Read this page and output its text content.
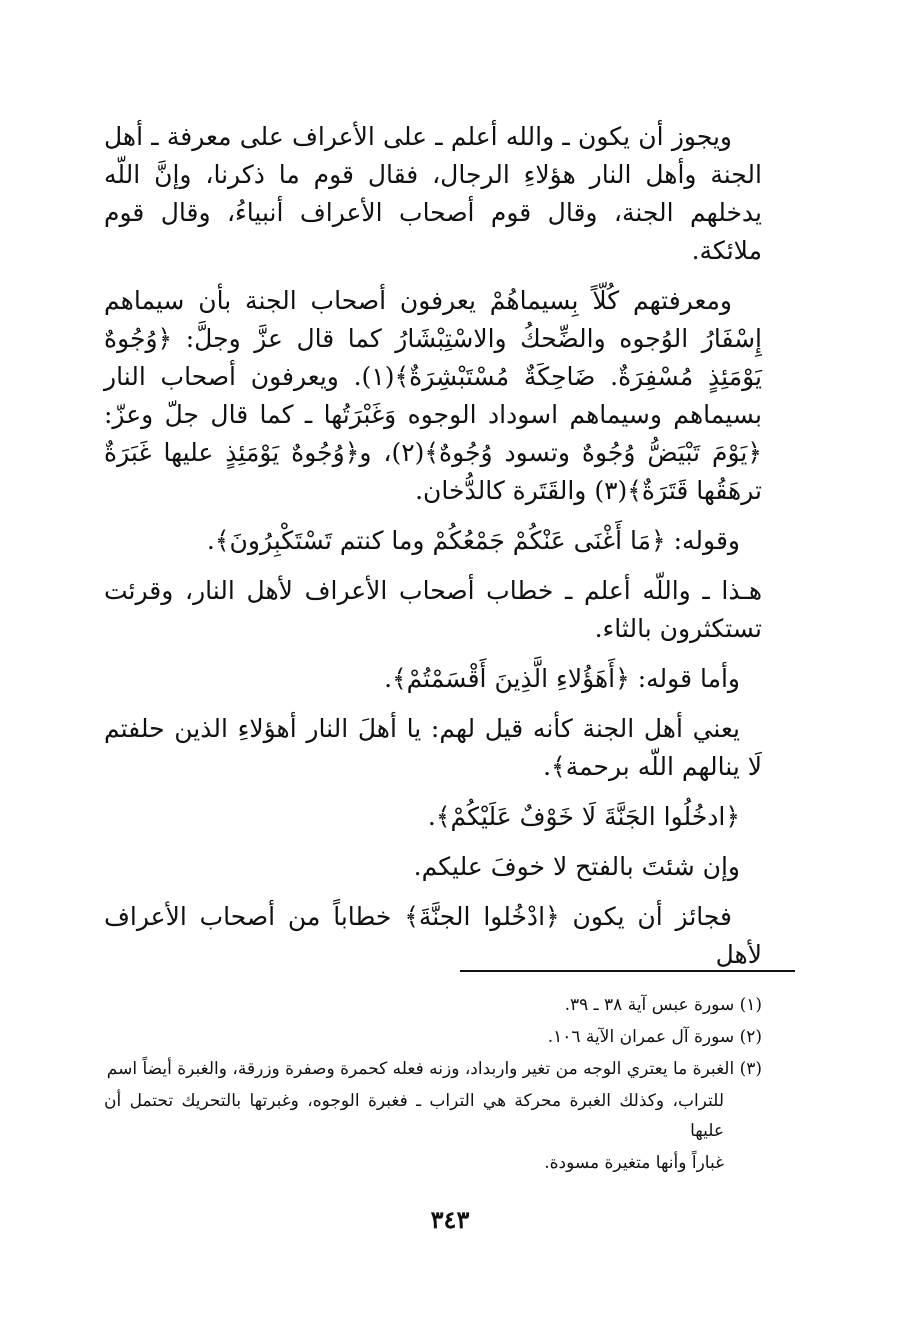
ويجوز أن يكون ـ والله أعلم ـ على الأعراف على معرفة ـ أهل الجنة وأهل النار هؤلاءِ الرجال، فقال قوم ما ذكرنا، وإنَّ اللّه يدخلهم الجنة، وقال قوم أصحاب الأعراف أنبياءُ، وقال قوم ملائكة.

ومعرفتهم كُلّاً بِسيماهُمْ يعرفون أصحاب الجنة بأن سيماهم إِسْفَارُ الوُجوه والضِّحكُ والاسْتِبْشَارُ كما قال عزَّ وجلَّ: ﴿وُجُوهٌ يَوْمَئِذٍ مُسْفِرَةٌ. ضَاحِكَةٌ مُسْتَبْشِرَةٌ﴾(١). ويعرفون أصحاب النار بسيماهم وسيماهم اسوداد الوجوه وَغَبْرَتُها ـ كما قال جلّ وعزّ: ﴿يَوْمَ تَبْيَضُّ وُجُوهٌ وتسود وُجُوهٌ﴾(٢)، و﴿وُجُوهٌ يَوْمَئِذٍ عليها غَبَرَةٌ ترهَقُها قَتَرَةٌ﴾(٣) والقَتَرة كالدُّخان.

وقوله: ﴿مَا أَغْنَى عَنْكُمْ جَمْعُكُمْ وما كنتم تَسْتَكْبِرُونَ﴾.

هـذا ـ واللّه أعلم ـ خطاب أصحاب الأعراف لأهل النار، وقرئت تستكثرون بالثاء.

وأما قوله: ﴿أَهَؤُلاءِ الَّذِينَ أَقْسَمْتُمْ﴾.

يعني أهل الجنة كأنه قيل لهم: يا أهلَ النار أهؤلاءِ الذين حلفتم لَا ينالهم اللّه برحمة﴾.

﴿ادخُلُوا الجَنَّةَ لَا خَوْفٌ عَلَيْكُمْ﴾.

وإن شئتَ بالفتح لا خوفَ عليكم.

فجائز أن يكون ﴿ادْخُلوا الجنَّةَ﴾ خطاباً من أصحاب الأعراف لأهل

(١) سورة عبس آية ٣٨ ـ ٣٩.

(٢) سورة آل عمران الآية ١٠٦.

(٣) الغبرة ما يعتري الوجه من تغير واربداد، وزنه فعله كحمرة وصفرة وزرقة، والغبرة أيضاً اسم

للتراب، وكذلك الغبرة محركة هي التراب ـ فغبرة الوجوه، وغبرتها بالتحريك تحتمل أن عليها

غباراً وأنها متغيرة مسودة.

٣٤٣
